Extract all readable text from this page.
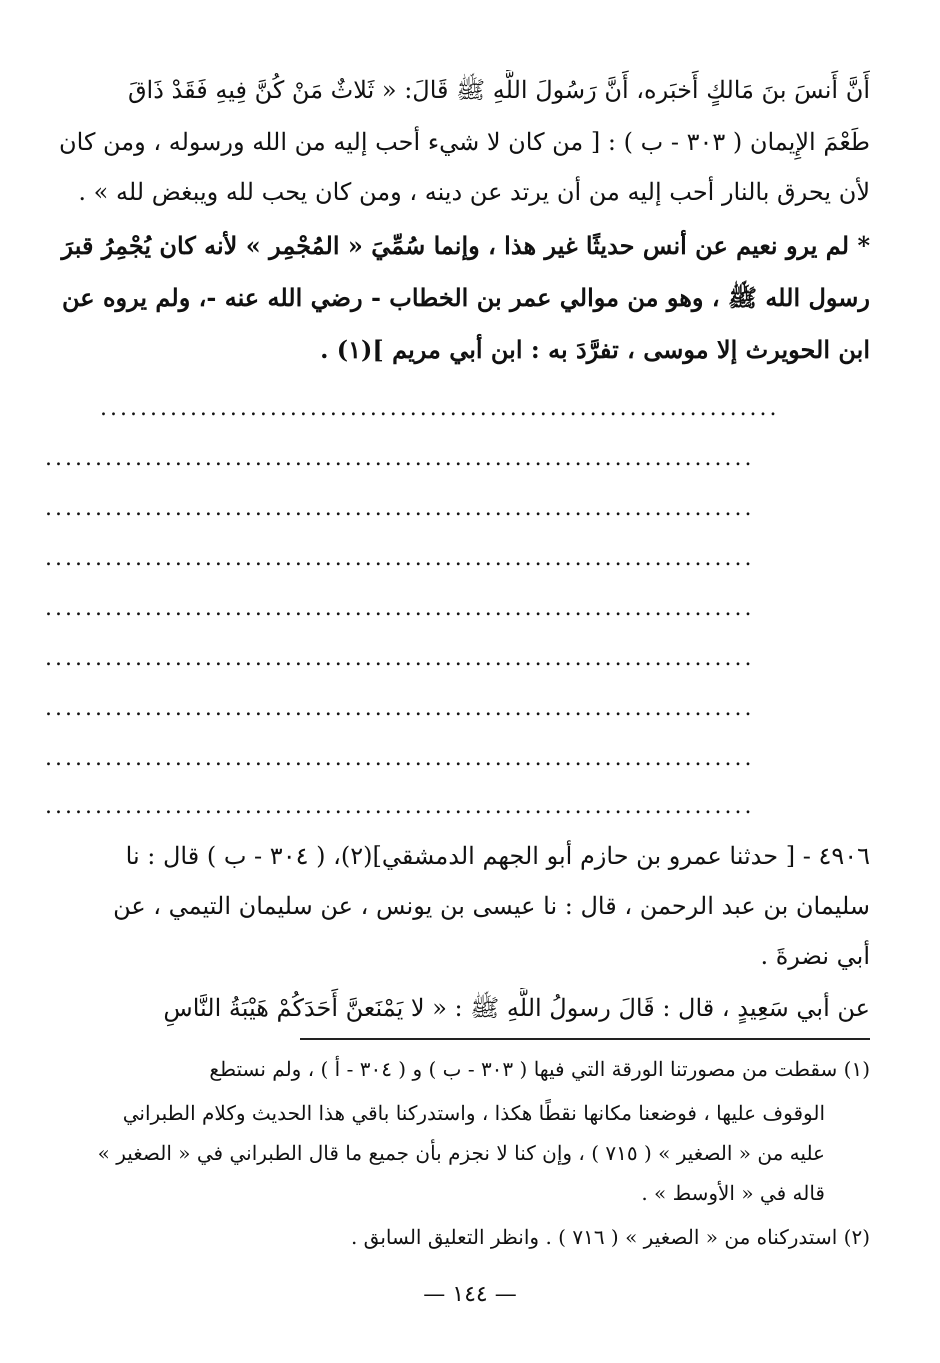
أَنَّ أَنسَ بنَ مَالكٍ أَخبَره، أَنَّ رَسُولَ اللَّهِ ﷺ قَالَ: « ثَلاثٌ مَنْ كُنَّ فِيهِ فَقَدْ ذَاقَ
طَعْمَ الإِيمان ( ٣٠٣ - ب ) : [ من كان لا شيء أحب إليه من الله ورسوله ، ومن كان
لأن يحرق بالنار أحب إليه من أن يرتد عن دينه ، ومن كان يحب لله ويبغض لله » .
* لم يرو نعيم عن أنس حديثًا غير هذا ، وإنما سُمِّيَ « المُجْمِر » لأنه كان يُجْمِرُ قبرَ
رسول الله ﷺ ، وهو من موالي عمر بن الخطاب - رضي الله عنه -، ولم يروه عن
ابن الحويرث إلا موسى ، تفرَّدَ به : ابن أبي مريم ](١) .
....................................................................
.......................................................................
.......................................................................
.......................................................................
.......................................................................
.......................................................................
.......................................................................
.......................................................................
.......................................................................
٤٩٠٦ - [ حدثنا عمرو بن حازم أبو الجهم الدمشقي](٢)، ( ٣٠٤ - ب ) قال : نا
سليمان بن عبد الرحمن ، قال : نا عيسى بن يونس ، عن سليمان التيمي ، عن
أبي نضرةَ .
عن أبي سَعِيدٍ ، قال : قَالَ رسولُ اللَّهِ ﷺ : « لا يَمْنَعنَّ أَحَدَكُمْ هَيْبَةُ النَّاسِ
(١) سقطت من مصورتنا الورقة التي فيها ( ٣٠٣ - ب ) و ( ٣٠٤ - أ ) ، ولم نستطع
الوقوف عليها ، فوضعنا مكانها نقطًا هكذا ، واستدركنا باقي هذا الحديث وكلام الطبراني
عليه من « الصغير » ( ٧١٥ ) ، وإن كنا لا نجزم بأن جميع ما قال الطبراني في « الصغير »
قاله في « الأوسط » .
(٢) استدركناه من « الصغير » ( ٧١٦ ) . وانظر التعليق السابق .
— ١٤٤ —
